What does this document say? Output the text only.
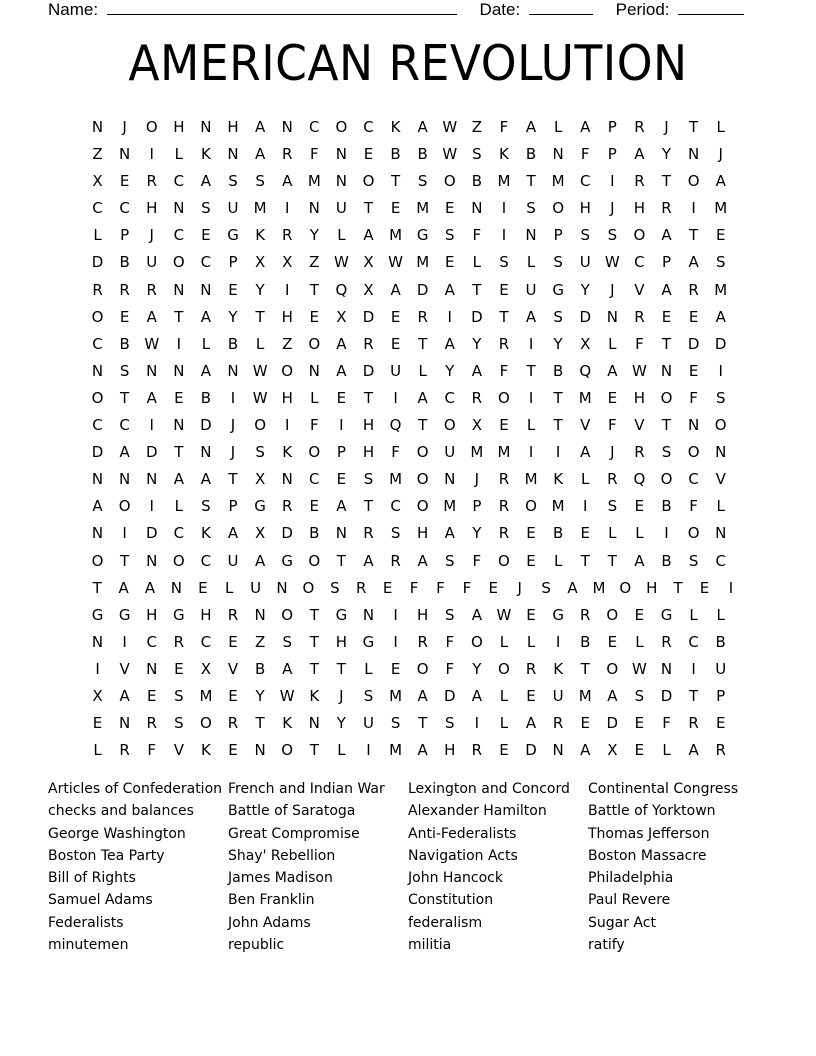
Name:	Date:	Period:
AMERICAN REVOLUTION
N	J	O	H	N	H	A	N	C	O	C	K	A W Z	F	A	L	A	P	R	J	T	L
Z	N	I	L	K	N	A	R	F	N	E	B	B W S	K	B	N	F	P	A	Y	N	J
X	E	R	C	A	S	S	A	M	N	O	T	S	O	B	M	T	M	C	I	R	T	O	A
C	C	H	N	S	U	M	I	N	U	T	E	M	E	N	I	S	O	H	J	H	R	I	M
L	P	J	C	E	G	K	R	Y	L	A	M G	S	F	I	N	P	S	S	O	A	T	E
D	B	U	O	C	P	X	X	Z W X W M	E	L	S	L	S	U W C	P	A	S
R	R	R	N	N	E	Y	I	T	Q	X	A	D	A	T	E	U	G	Y	J	V	A	R	M
O	E	A	T	A	Y	T	H	E	X	D	E	R	I	D	T	A	S	D	N	R	E	E	A
C	B W	I	L	B	L	Z	O	A	R	E	T	A	Y	R	I	Y	X	L	F	T	D	D
N	S	N	N	A	N W O	N	A	D	U	L	Y	A	F	T	B	Q	A W N	E	I
O	T	A	E	B	I	W H	L	E	T	I	A	C	R	O	I	T	M	E	H	O	F	S
C	C	I	N	D	J	O	I	F	I	H	Q	T	O	X	E	L	T	V	F	V	T	N	O
D	A	D	T	N	J	S	K	O	P	H	F	O	U	M M	I	I	A	J	R	S	O	N
N	N	N	A	A	T	X	N	C	E	S	M O	N	J	R	M	K	L	R	Q	O	C	V
A	O	I	L	S	P	G	R	E	A	T	C	O M	P	R	O M	I	S	E	B	F	L
N	I	D	C	K	A	X	D	B	N	R	S	H	A	Y	R	E	B	E	L	L	I	O	N
O	T	N	O	C	U	A	G	O	T	A	R	A	S	F	O	E	L	T	T	A	B	S	C
T	A	A	N	E	L	U	N O	S	R	E	F	F	F	E	J	S	A M O H	T	E	I
G	G	H	G	H	R	N	O	T	G	N	I	H	S	A W E	G	R	O	E	G	L	L
N	I	C	R	C	E	Z	S	T	H	G	I	R	F	O	L	L	I	B	E	L	R	C	B
I	V	N	E	X	V	B	A	T	T	L	E	O	F	Y	O	R	K	T	O W N	I	U
X	A	E	S	M	E	Y	W K	J	S	M	A	D	A	L	E	U	M	A	S	D	T	P
E	N	R	S	O	R	T	K	N	Y	U	S	T	S	I	L	A	R	E	D	E	F	R	E
L	R	F	V	K	E	N	O	T	L	I	M	A	H	R	E	D	N	A	X	E	L	A	R
Articles of Confederation
checks and balances
George Washington
Boston Tea Party
Bill of Rights
Samuel Adams
Federalists
minutemen
French and Indian War
Battle of Saratoga
Great Compromise
Shay' Rebellion
James Madison
Ben Franklin
John Adams
republic
Lexington and Concord
Alexander Hamilton
Anti-Federalists
Navigation Acts
John Hancock
Constitution
federalism
militia
Continental Congress
Battle of Yorktown
Thomas Jefferson
Boston Massacre
Philadelphia
Paul Revere
Sugar Act
ratify
